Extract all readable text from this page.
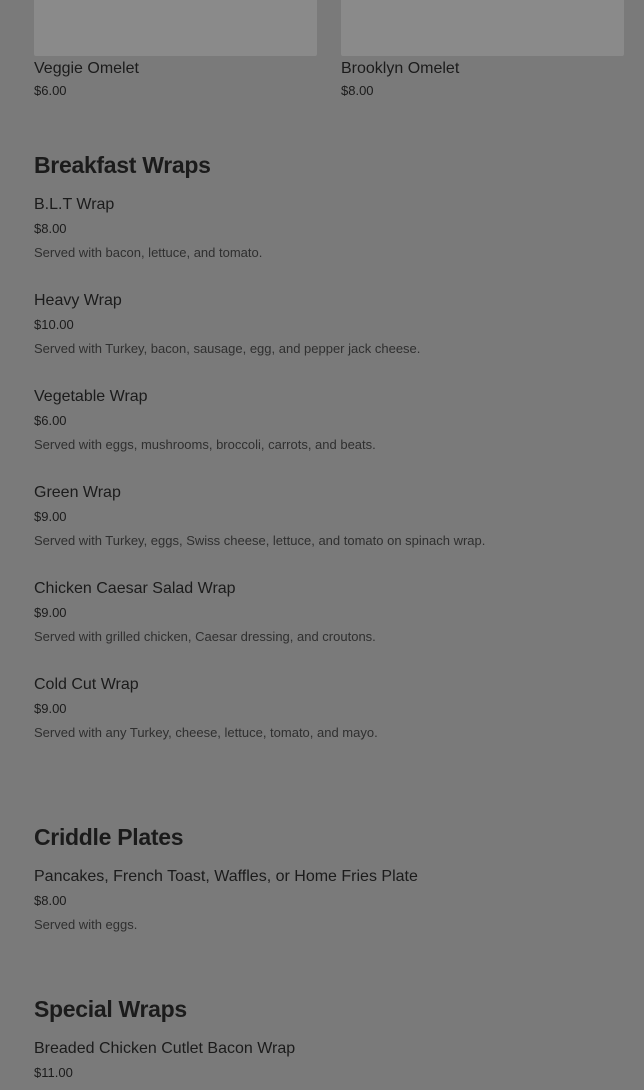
Veggie Omelet
$6.00
Brooklyn Omelet
$8.00
Breakfast Wraps
B.L.T Wrap
$8.00
Served with bacon, lettuce, and tomato.
Heavy Wrap
$10.00
Served with Turkey, bacon, sausage, egg, and pepper jack cheese.
Vegetable Wrap
$6.00
Served with eggs, mushrooms, broccoli, carrots, and beats.
Green Wrap
$9.00
Served with Turkey, eggs, Swiss cheese, lettuce, and tomato on spinach wrap.
Chicken Caesar Salad Wrap
$9.00
Served with grilled chicken, Caesar dressing, and croutons.
Cold Cut Wrap
$9.00
Served with any Turkey, cheese, lettuce, tomato, and mayo.
Criddle Plates
Pancakes, French Toast, Waffles, or Home Fries Plate
$8.00
Served with eggs.
Special Wraps
Breaded Chicken Cutlet Bacon Wrap
$11.00
